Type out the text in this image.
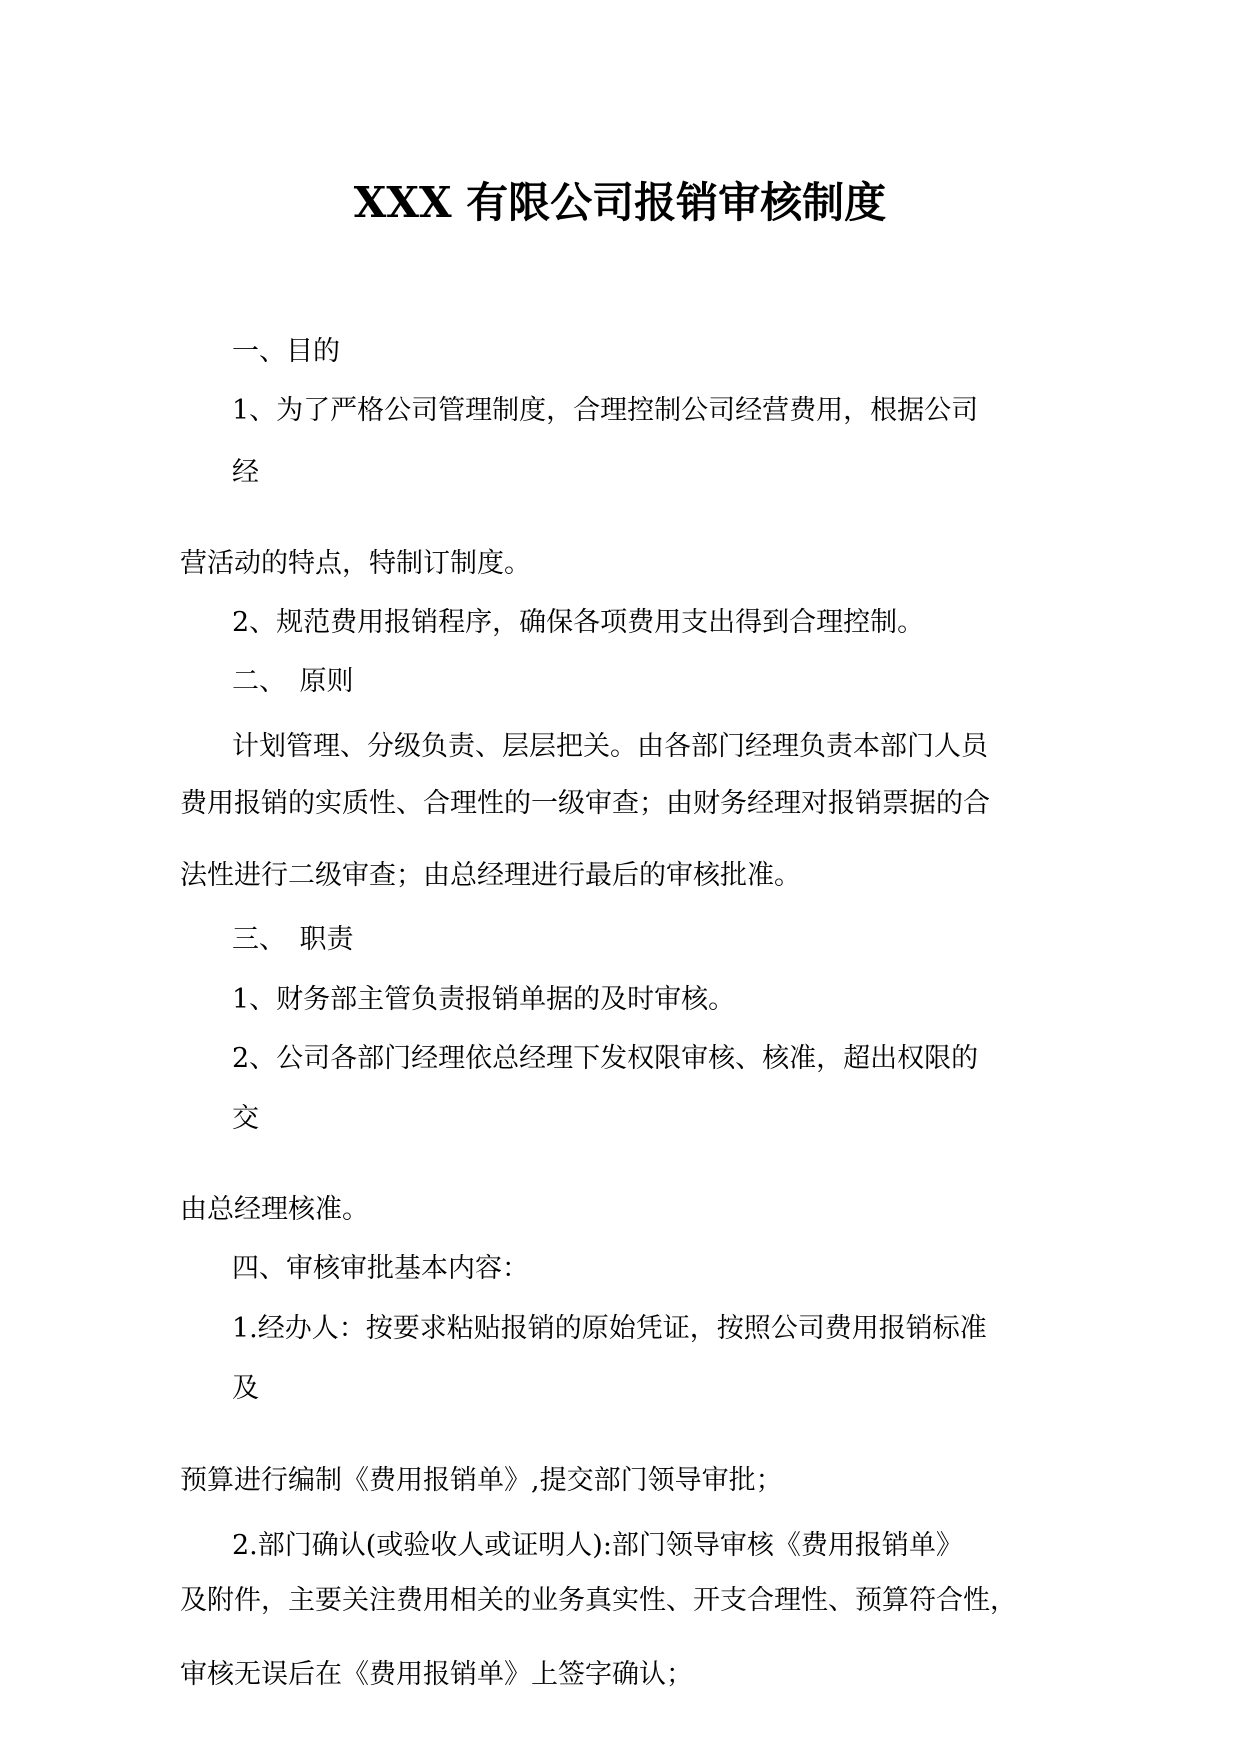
XXX 有限公司报销审核制度

一、目的

1、为了严格公司管理制度，合理控制公司经营费用，根据公司

经

营活动的特点，特制订制度。

2、规范费用报销程序，确保各项费用支出得到合理控制。

二、　原则

计划管理、分级负责、层层把关。由各部门经理负责本部门人员

费用报销的实质性、合理性的一级审查；由财务经理对报销票据的合

法性进行二级审查；由总经理进行最后的审核批准。

三、　职责

1、财务部主管负责报销单据的及时审核。

2、公司各部门经理依总经理下发权限审核、核准，超出权限的

交

由总经理核准。

四、审核审批基本内容：

1.经办人：按要求粘贴报销的原始凭证，按照公司费用报销标准

及

预算进行编制《费用报销单》,提交部门领导审批；

2.部门确认(或验收人或证明人):部门领导审核《费用报销单》

及附件，主要关注费用相关的业务真实性、开支合理性、预算符合性，

审核无误后在《费用报销单》上签字确认；
